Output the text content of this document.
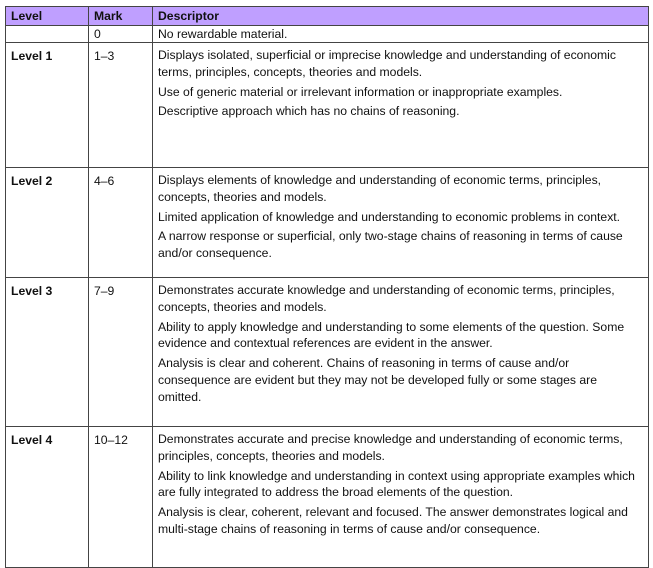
Level	Mark	Descriptor
	0	No rewardable material.
Level 1	1–3	Displays isolated, superficial or imprecise knowledge and understanding of economic terms, principles, concepts, theories and models.

Use of generic material or irrelevant information or inappropriate examples.

Descriptive approach which has no chains of reasoning.

Level 2	4–6	Displays elements of knowledge and understanding of economic terms, principles, concepts, theories and models.

Limited application of knowledge and understanding to economic problems in context.

A narrow response or superficial, only two-stage chains of reasoning in terms of cause and/or consequence.

Level 3	7–9	Demonstrates accurate knowledge and understanding of economic terms, principles, concepts, theories and models.

Ability to apply knowledge and understanding to some elements of the question. Some evidence and contextual references are evident in the answer.

Analysis is clear and coherent. Chains of reasoning in terms of cause and/or consequence are evident but they may not be developed fully or some stages are omitted.

Level 4	10–12	Demonstrates accurate and precise knowledge and understanding of economic terms, principles, concepts, theories and models.

Ability to link knowledge and understanding in context using appropriate examples which are fully integrated to address the broad elements of the question.

Analysis is clear, coherent, relevant and focused. The answer demonstrates logical and multi-stage chains of reasoning in terms of cause and/or consequence.
